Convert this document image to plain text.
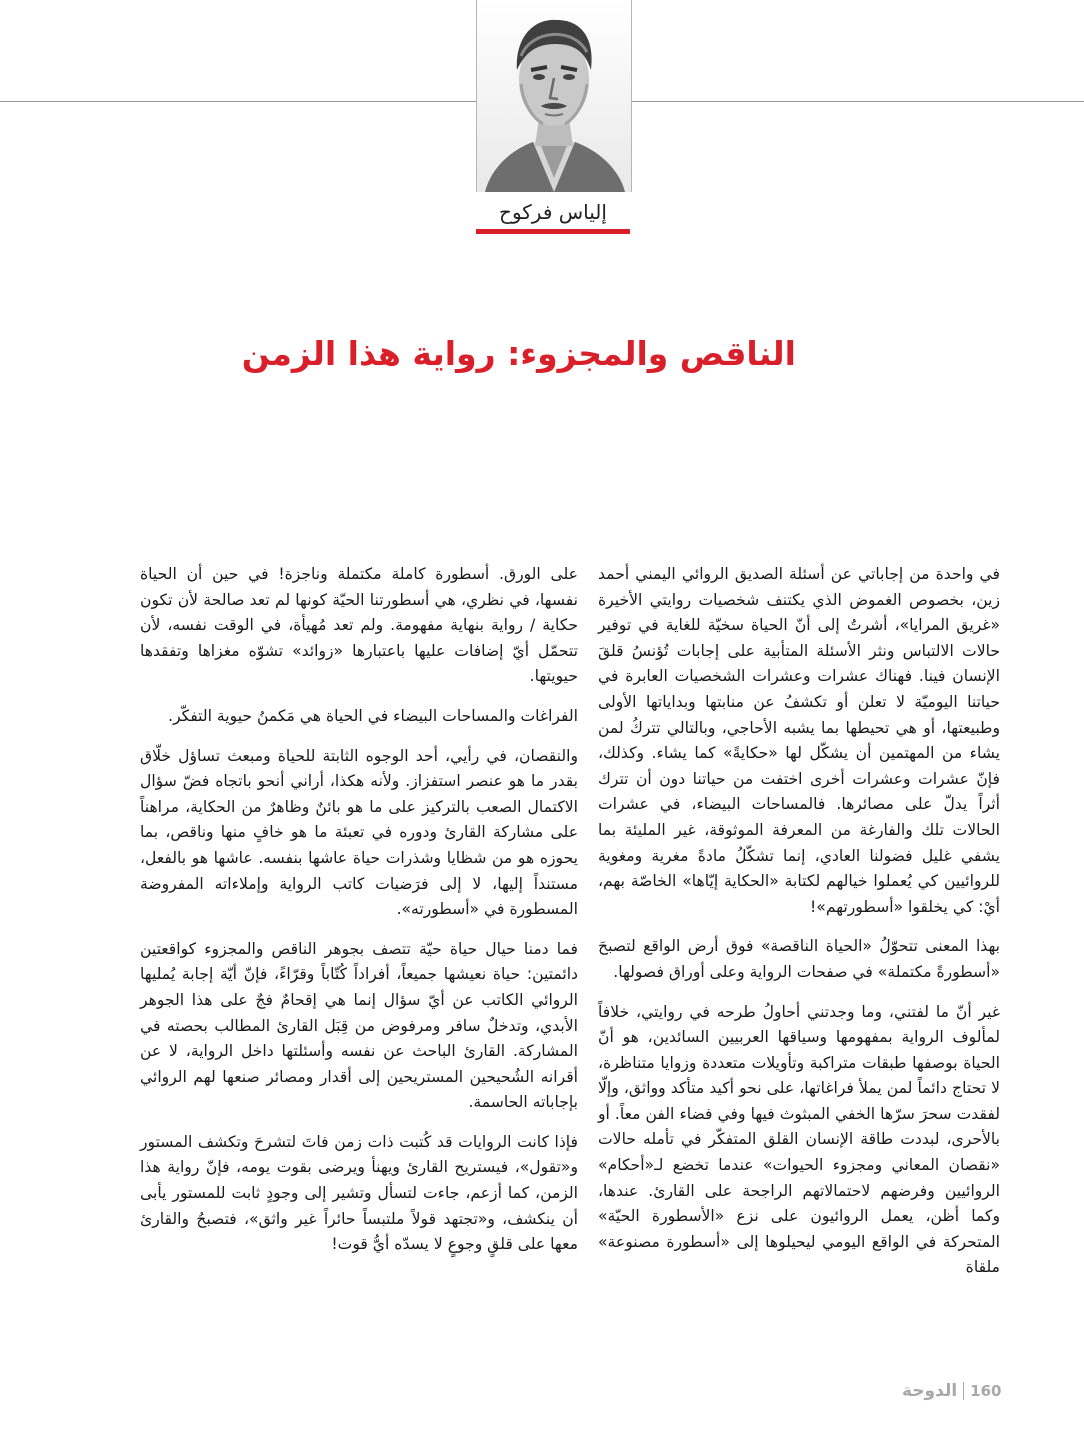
إلياس فركوح
الناقص والمجزوء: رواية هذا الزمن

في واحدة من إجاباتي عن أسئلة الصديق الروائي اليمني أحمد زين، بخصوص الغموض الذي يكتنف شخصيات روايتي الأخيرة «غريق المرايا»، أشرتُ إلى أنّ الحياة سخيّة للغاية في توفير حالات الالتباس ونثر الأسئلة المتأبية على إجابات تُؤنسُ قلقَ الإنسان فينا. فهناك عشرات وعشرات الشخصيات العابرة في حياتنا اليوميّة لا تعلن أو تكشفُ عن منابتها وبداياتها الأولى وطبيعتها، أو هي تحيطها بما يشبه الأحاجي، وبالتالي تتركُ لمن يشاء من المهتمين أن يشكّل لها «حكايةً» كما يشاء. وكذلك، فإنّ عشرات وعشرات أخرى اختفت من حياتنا دون أن تترك أثراً يدلّ على مصائرها. فالمساحات البيضاء، في عشرات الحالات تلك والفارغة من المعرفة الموثوقة، غير المليئة بما يشفي غليل فضولنا العادي، إنما تشكّلُ مادةً مغرية ومغوية للروائيين كي يُعملوا خيالهم لكتابة «الحكاية إيّاها» الخاصّة بهم، أيْ: كي يخلقوا «أسطورتهم»!

بهذا المعنى تتحوّلُ «الحياة الناقصة» فوق أرض الواقع لتصبحَ «أسطورةً مكتملة» في صفحات الرواية وعلى أوراق فصولها.

غير أنّ ما لفتني، وما وجدتني أحاولُ طرحه في روايتي، خلافاً لمألوف الرواية بمفهومها وسياقها العربيين السائدين، هو أنّ الحياة بوصفها طبقات متراكبة وتأويلات متعددة وزوايا متناظرة، لا تحتاج دائماً لمن يملأ فراغاتها، على نحو أكيد متأكد وواثق، وإلّا لفقدت سحرَ سرّها الخفي المبثوث فيها وفي فضاء الفن معاً. أو بالأحرى، لبددت طاقة الإنسان القلق المتفكّر في تأمله حالات «نقصان المعاني ومجزوء الحيوات» عندما تخضع لـ«أحكام» الروائيين وفرضهم لاحتمالاتهم الراجحة على القارئ. عندها، وكما أظن، يعمل الروائيون على نزع «الأسطورة الحيّة» المتحركة في الواقع اليومي ليحيلوها إلى «أسطورة مصنوعة» ملقاة

على الورق. أسطورة كاملة مكتملة وناجزة! في حين أن الحياة نفسها، في نظري، هي أسطورتنا الحيّة كونها لم تعد صالحة لأن تكون حكاية / رواية بنهاية مفهومة. ولم تعد مُهيأة، في الوقت نفسه، لأن تتحمّل أيّ إضافات عليها باعتبارها «زوائد» تشوّه مغزاها وتفقدها حيويتها.

الفراغات والمساحات البيضاء في الحياة هي مَكمنُ حيوية التفكّر.

والنقصان، في رأيي، أحد الوجوه الثابتة للحياة ومبعث تساؤل خلّاق بقدر ما هو عنصر استفزاز. ولأنه هكذا، أراني أنحو باتجاه فضّ سؤال الاكتمال الصعب بالتركيز على ما هو بائنٌ وظاهرٌ من الحكاية، مراهناً على مشاركة القارئ ودوره في تعبئة ما هو خافٍ منها وناقص، بما يحوزه هو من شظايا وشذرات حياة عاشها بنفسه. عاشها هو بالفعل، مستنداً إليها، لا إلى فرَضيات كاتب الرواية وإملاءاته المفروضة المسطورة في «أسطورته».

فما دمنا حيال حياة حيّة تتصف بجوهر الناقص والمجزوء كواقعتين دائمتين: حياة نعيشها جميعاً، أفراداً كُتّاباً وقرّاءً، فإنّ أيّة إجابة يُمليها الروائي الكاتب عن أيّ سؤال إنما هي إقحامٌ فجٌ على هذا الجوهر الأبدي، وتدخلٌ سافر ومرفوض من قِبَل القارئ المطالب بحصته في المشاركة. القارئ الباحث عن نفسه وأسئلتها داخل الرواية، لا عن أقرانه الشُحيحين المستريحين إلى أقدار ومصائر صنعها لهم الروائي بإجاباته الحاسمة.

فإذا كانت الروايات قد كُتبت ذات زمن فاتَ لتشرحَ وتكشف المستور و«تقول»، فيستريح القارئ ويهنأ ويرضى بقوت يومه، فإنّ رواية هذا الزمن، كما أزعم، جاءت لتسأل وتشير إلى وجودٍ ثابت للمستور يأبى أن ينكشف، و«تجتهد قولاً ملتبساً حائراً غير واثق»، فتصبحُ والقارئ معها على قلقٍ وجوعٍ لا يسدّه أيُّ قوت!

الدوحة 160
